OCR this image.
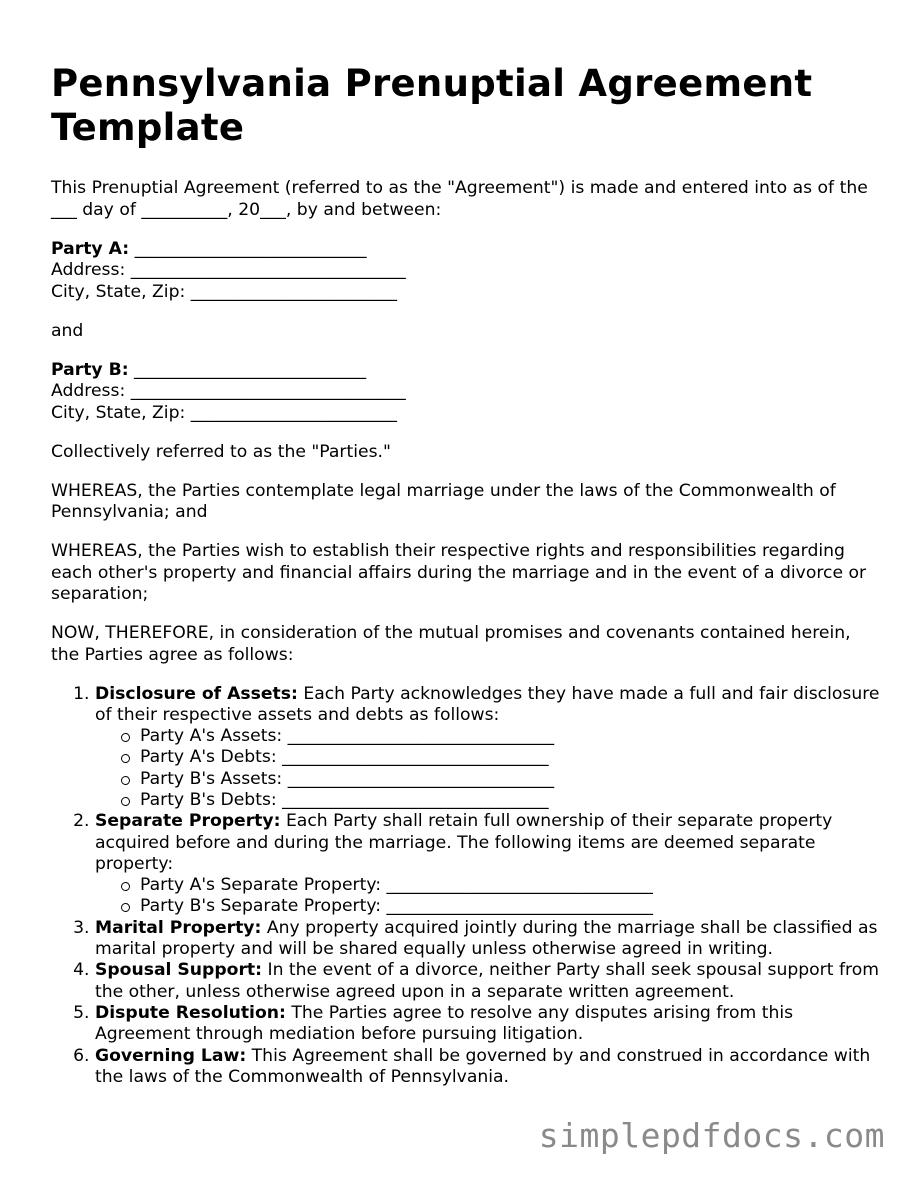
Pennsylvania Prenuptial Agreement Template

This Prenuptial Agreement (referred to as the "Agreement") is made and entered into as of the ___ day of __________, 20___, by and between:

Party A: ___________________________
Address: ________________________________
City, State, Zip: ________________________

and

Party B: ___________________________
Address: ________________________________
City, State, Zip: ________________________

Collectively referred to as the "Parties."

WHEREAS, the Parties contemplate legal marriage under the laws of the Commonwealth of Pennsylvania; and

WHEREAS, the Parties wish to establish their respective rights and responsibilities regarding each other's property and financial affairs during the marriage and in the event of a divorce or separation;

NOW, THEREFORE, in consideration of the mutual promises and covenants contained herein, the Parties agree as follows:

1. Disclosure of Assets: Each Party acknowledges they have made a full and fair disclosure of their respective assets and debts as follows:
Party A's Assets: _______________________________
Party A's Debts: _______________________________
Party B's Assets: _______________________________
Party B's Debts: _______________________________
2. Separate Property: Each Party shall retain full ownership of their separate property acquired before and during the marriage. The following items are deemed separate property:
Party A's Separate Property: _______________________________
Party B's Separate Property: _______________________________
3. Marital Property: Any property acquired jointly during the marriage shall be classified as marital property and will be shared equally unless otherwise agreed in writing.
4. Spousal Support: In the event of a divorce, neither Party shall seek spousal support from the other, unless otherwise agreed upon in a separate written agreement.
5. Dispute Resolution: The Parties agree to resolve any disputes arising from this Agreement through mediation before pursuing litigation.
6. Governing Law: This Agreement shall be governed by and construed in accordance with the laws of the Commonwealth of Pennsylvania.
simplepdfdocs.com
